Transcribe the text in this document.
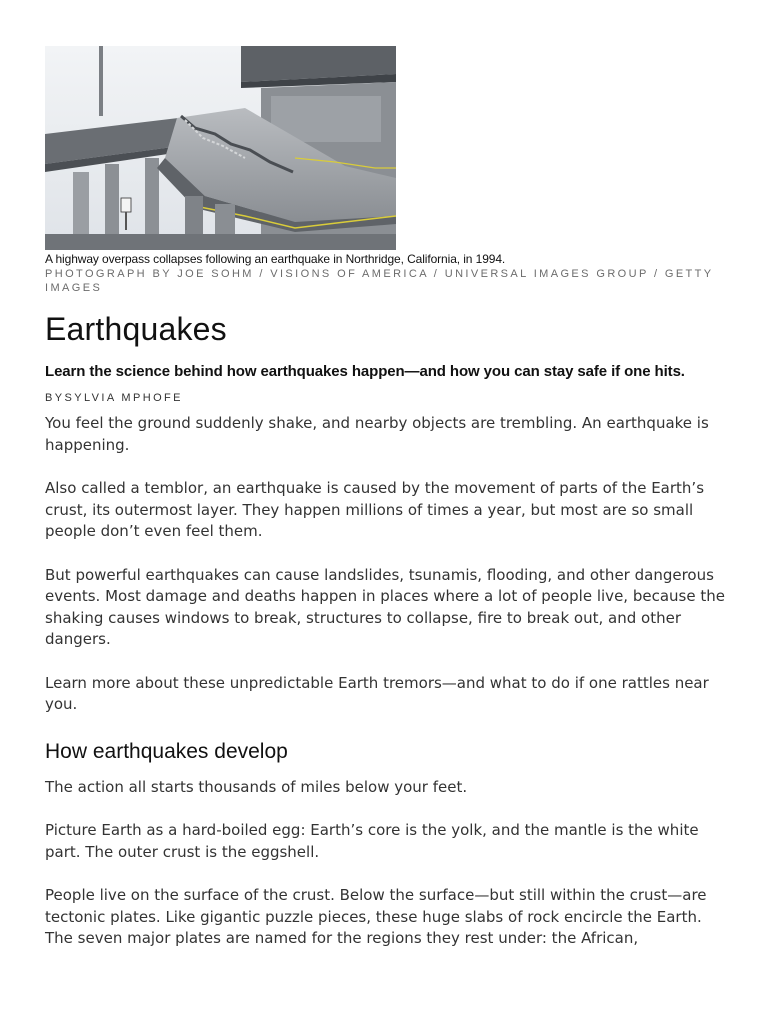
A highway overpass collapses following an earthquake in Northridge, California, in 1994.
PHOTOGRAPH BY JOE SOHM / VISIONS OF AMERICA / UNIVERSAL IMAGES GROUP / GETTY IMAGES
Earthquakes

Learn the science behind how earthquakes happen—and how you can stay safe if one hits.

BYSYLVIA MPHOFE

You feel the ground suddenly shake, and nearby objects are trembling. An earthquake is happening.

Also called a temblor, an earthquake is caused by the movement of parts of the Earth’s crust, its outermost layer. They happen millions of times a year, but most are so small people don’t even feel them.

But powerful earthquakes can cause landslides, tsunamis, flooding, and other dangerous events. Most damage and deaths happen in places where a lot of people live, because the shaking causes windows to break, structures to collapse, fire to break out, and other dangers.

Learn more about these unpredictable Earth tremors—and what to do if one rattles near you.

How earthquakes develop

The action all starts thousands of miles below your feet.

Picture Earth as a hard-boiled egg: Earth’s core is the yolk, and the mantle is the white part. The outer crust is the eggshell.

People live on the surface of the crust. Below the surface—but still within the crust—are tectonic plates. Like gigantic puzzle pieces, these huge slabs of rock encircle the Earth. The seven major plates are named for the regions they rest under: the African,
